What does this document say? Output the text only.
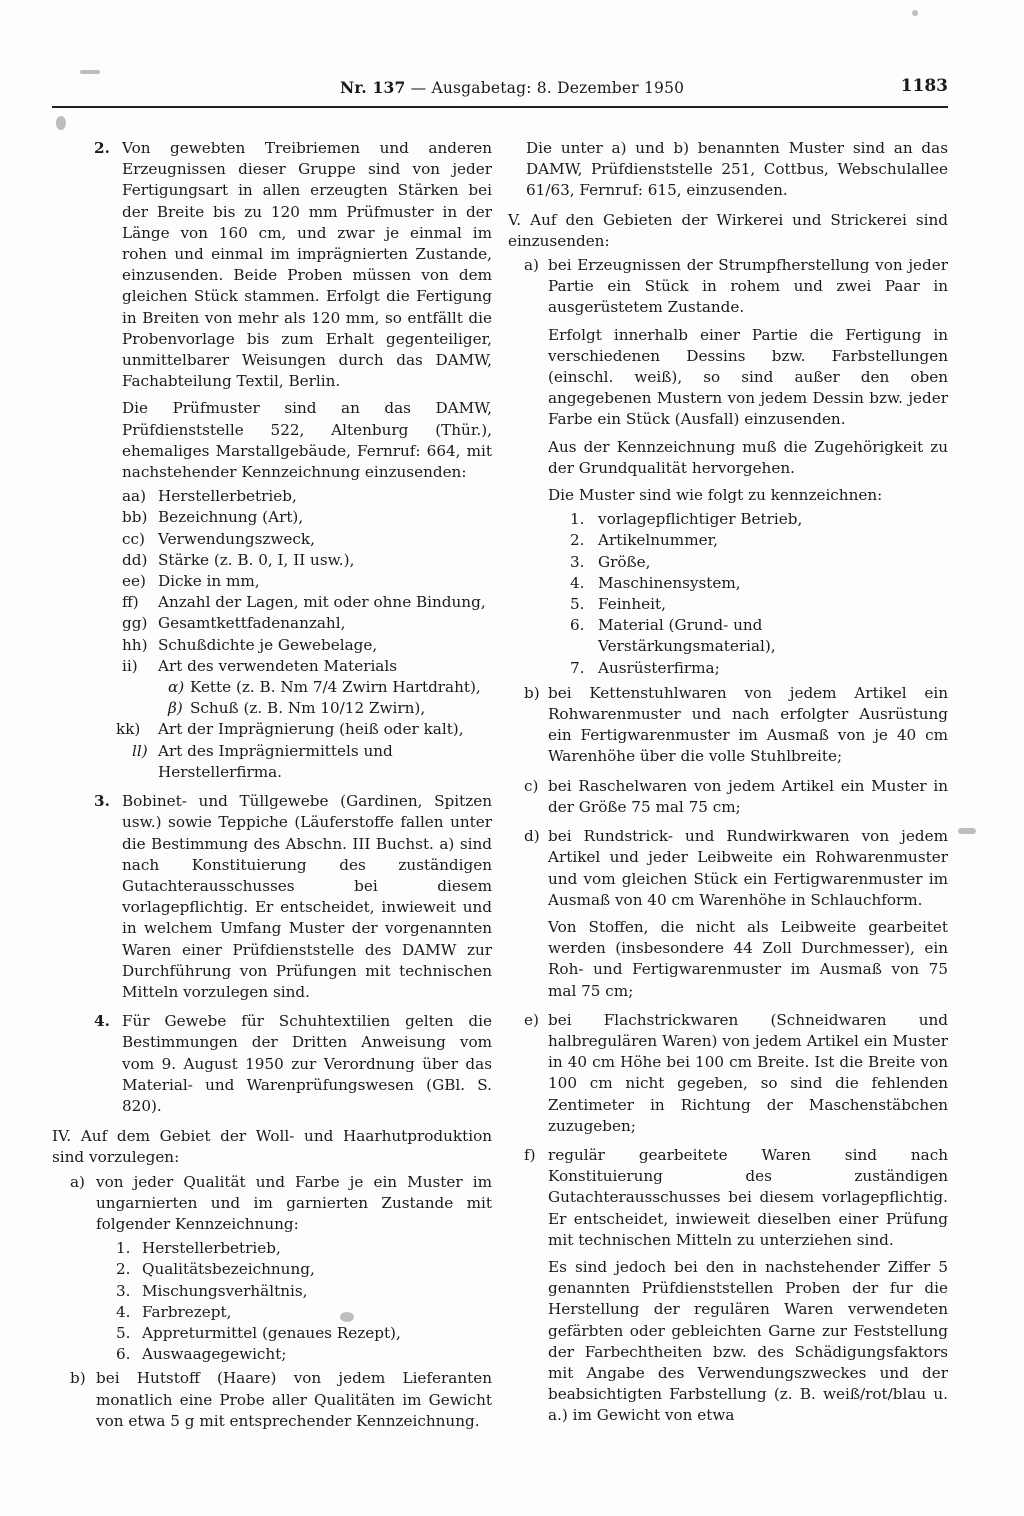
Nr. 137 — Ausgabetag: 8. Dezember 1950	1183
2. Von gewebten Treibriemen und anderen Erzeugnissen dieser Gruppe sind von jeder Fertigungsart in allen erzeugten Stärken bei der Breite bis zu 120 mm Prüfmuster in der Länge von 160 cm, und zwar je einmal im rohen und einmal im imprägnierten Zustande, einzusenden. Beide Proben müssen von dem gleichen Stück stammen. Erfolgt die Fertigung in Breiten von mehr als 120 mm, so entfällt die Probenvorlage bis zum Erhalt gegenteiliger, unmittelbarer Weisungen durch das DAMW, Fachabteilung Textil, Berlin.

Die Prüfmuster sind an das DAMW, Prüfdienststelle 522, Altenburg (Thür.), ehemaliges Marstallgebäude, Fernruf: 664, mit nachstehender Kennzeichnung einzusenden:

aa) Herstellerbetrieb,
bb) Bezeichnung (Art),
cc) Verwendungszweck,
dd) Stärke (z. B. 0, I, II usw.),
ee) Dicke in mm,
ff) Anzahl der Lagen, mit oder ohne Bindung,
gg) Gesamtkettfadenanzahl,
hh) Schußdichte je Gewebelage,
ii) Art des verwendeten Materials
α) Kette (z. B. Nm 7/4 Zwirn Hartdraht),
β) Schuß (z. B. Nm 10/12 Zwirn),
kk) Art der Imprägnierung (heiß oder kalt),
ll) Art des Imprägniermittels und Herstellerfirma.
3. Bobinet- und Tüllgewebe (Gardinen, Spitzen usw.) sowie Teppiche (Läuferstoffe fallen unter die Bestimmung des Abschn. III Buchst. a) sind nach Konstituierung des zuständigen Gutachterausschusses bei diesem vorlagepflichtig. Er entscheidet, inwieweit und in welchem Umfang Muster der vorgenannten Waren einer Prüfdienststelle des DAMW zur Durchführung von Prüfungen mit technischen Mitteln vorzulegen sind.

4. Für Gewebe für Schuhtextilien gelten die Bestimmungen der Dritten Anweisung vom vom 9. August 1950 zur Verordnung über das Material- und Warenprüfungswesen (GBl. S. 820).

IV. Auf dem Gebiet der Woll- und Haarhutproduktion sind vorzulegen:

a) von jeder Qualität und Farbe je ein Muster im ungarnierten und im garnierten Zustande mit folgender Kennzeichnung:

1. Herstellerbetrieb,
2. Qualitätsbezeichnung,
3. Mischungsverhältnis,
4. Farbrezept,
5. Appreturmittel (genaues Rezept),
6. Auswaagegewicht;
b) bei Hutstoff (Haare) von jedem Lieferanten monatlich eine Probe aller Qualitäten im Gewicht von etwa 5 g mit entsprechender Kennzeichnung.

Die unter a) und b) benannten Muster sind an das DAMW, Prüfdienststelle 251, Cottbus, Webschulallee 61/63, Fernruf: 615, einzusenden.

V. Auf den Gebieten der Wirkerei und Strickerei sind einzusenden:

a) bei Erzeugnissen der Strumpfherstellung von jeder Partie ein Stück in rohem und zwei Paar in ausgerüstetem Zustande.

Erfolgt innerhalb einer Partie die Fertigung in verschiedenen Dessins bzw. Farbstellungen (einschl. weiß), so sind außer den oben angegebenen Mustern von jedem Dessin bzw. jeder Farbe ein Stück (Ausfall) einzusenden.

Aus der Kennzeichnung muß die Zugehörigkeit zu der Grundqualität hervorgehen.

Die Muster sind wie folgt zu kennzeichnen:

1. vorlagepflichtiger Betrieb,
2. Artikelnummer,
3. Größe,
4. Maschinensystem,
5. Feinheit,
6. Material (Grund- und Verstärkungsmaterial),
7. Ausrüsterfirma;
b) bei Kettenstuhlwaren von jedem Artikel ein Rohwarenmuster und nach erfolgter Ausrüstung ein Fertigwarenmuster im Ausmaß von je 40 cm Warenhöhe über die volle Stuhlbreite;

c) bei Raschelwaren von jedem Artikel ein Muster in der Größe 75 mal 75 cm;

d) bei Rundstrick- und Rundwirkwaren von jedem Artikel und jeder Leibweite ein Rohwarenmuster und vom gleichen Stück ein Fertigwarenmuster im Ausmaß von 40 cm Warenhöhe in Schlauchform.

Von Stoffen, die nicht als Leibweite gearbeitet werden (insbesondere 44 Zoll Durchmesser), ein Roh- und Fertigwarenmuster im Ausmaß von 75 mal 75 cm;

e) bei Flachstrickwaren (Schneidwaren und halbregulären Waren) von jedem Artikel ein Muster in 40 cm Höhe bei 100 cm Breite. Ist die Breite von 100 cm nicht gegeben, so sind die fehlenden Zentimeter in Richtung der Maschenstäbchen zuzugeben;

f) regulär gearbeitete Waren sind nach Konstituierung des zuständigen Gutachterausschusses bei diesem vorlagepflichtig. Er entscheidet, inwieweit dieselben einer Prüfung mit technischen Mitteln zu unterziehen sind.

Es sind jedoch bei den in nachstehender Ziffer 5 genannten Prüfdienststellen Proben der fur die Herstellung der regulären Waren verwendeten gefärbten oder gebleichten Garne zur Feststellung der Farbechtheiten bzw. des Schädigungsfaktors mit Angabe des Verwendungszweckes und der beabsichtigten Farbstellung (z. B. weiß/rot/blau u. a.) im Gewicht von etwa
